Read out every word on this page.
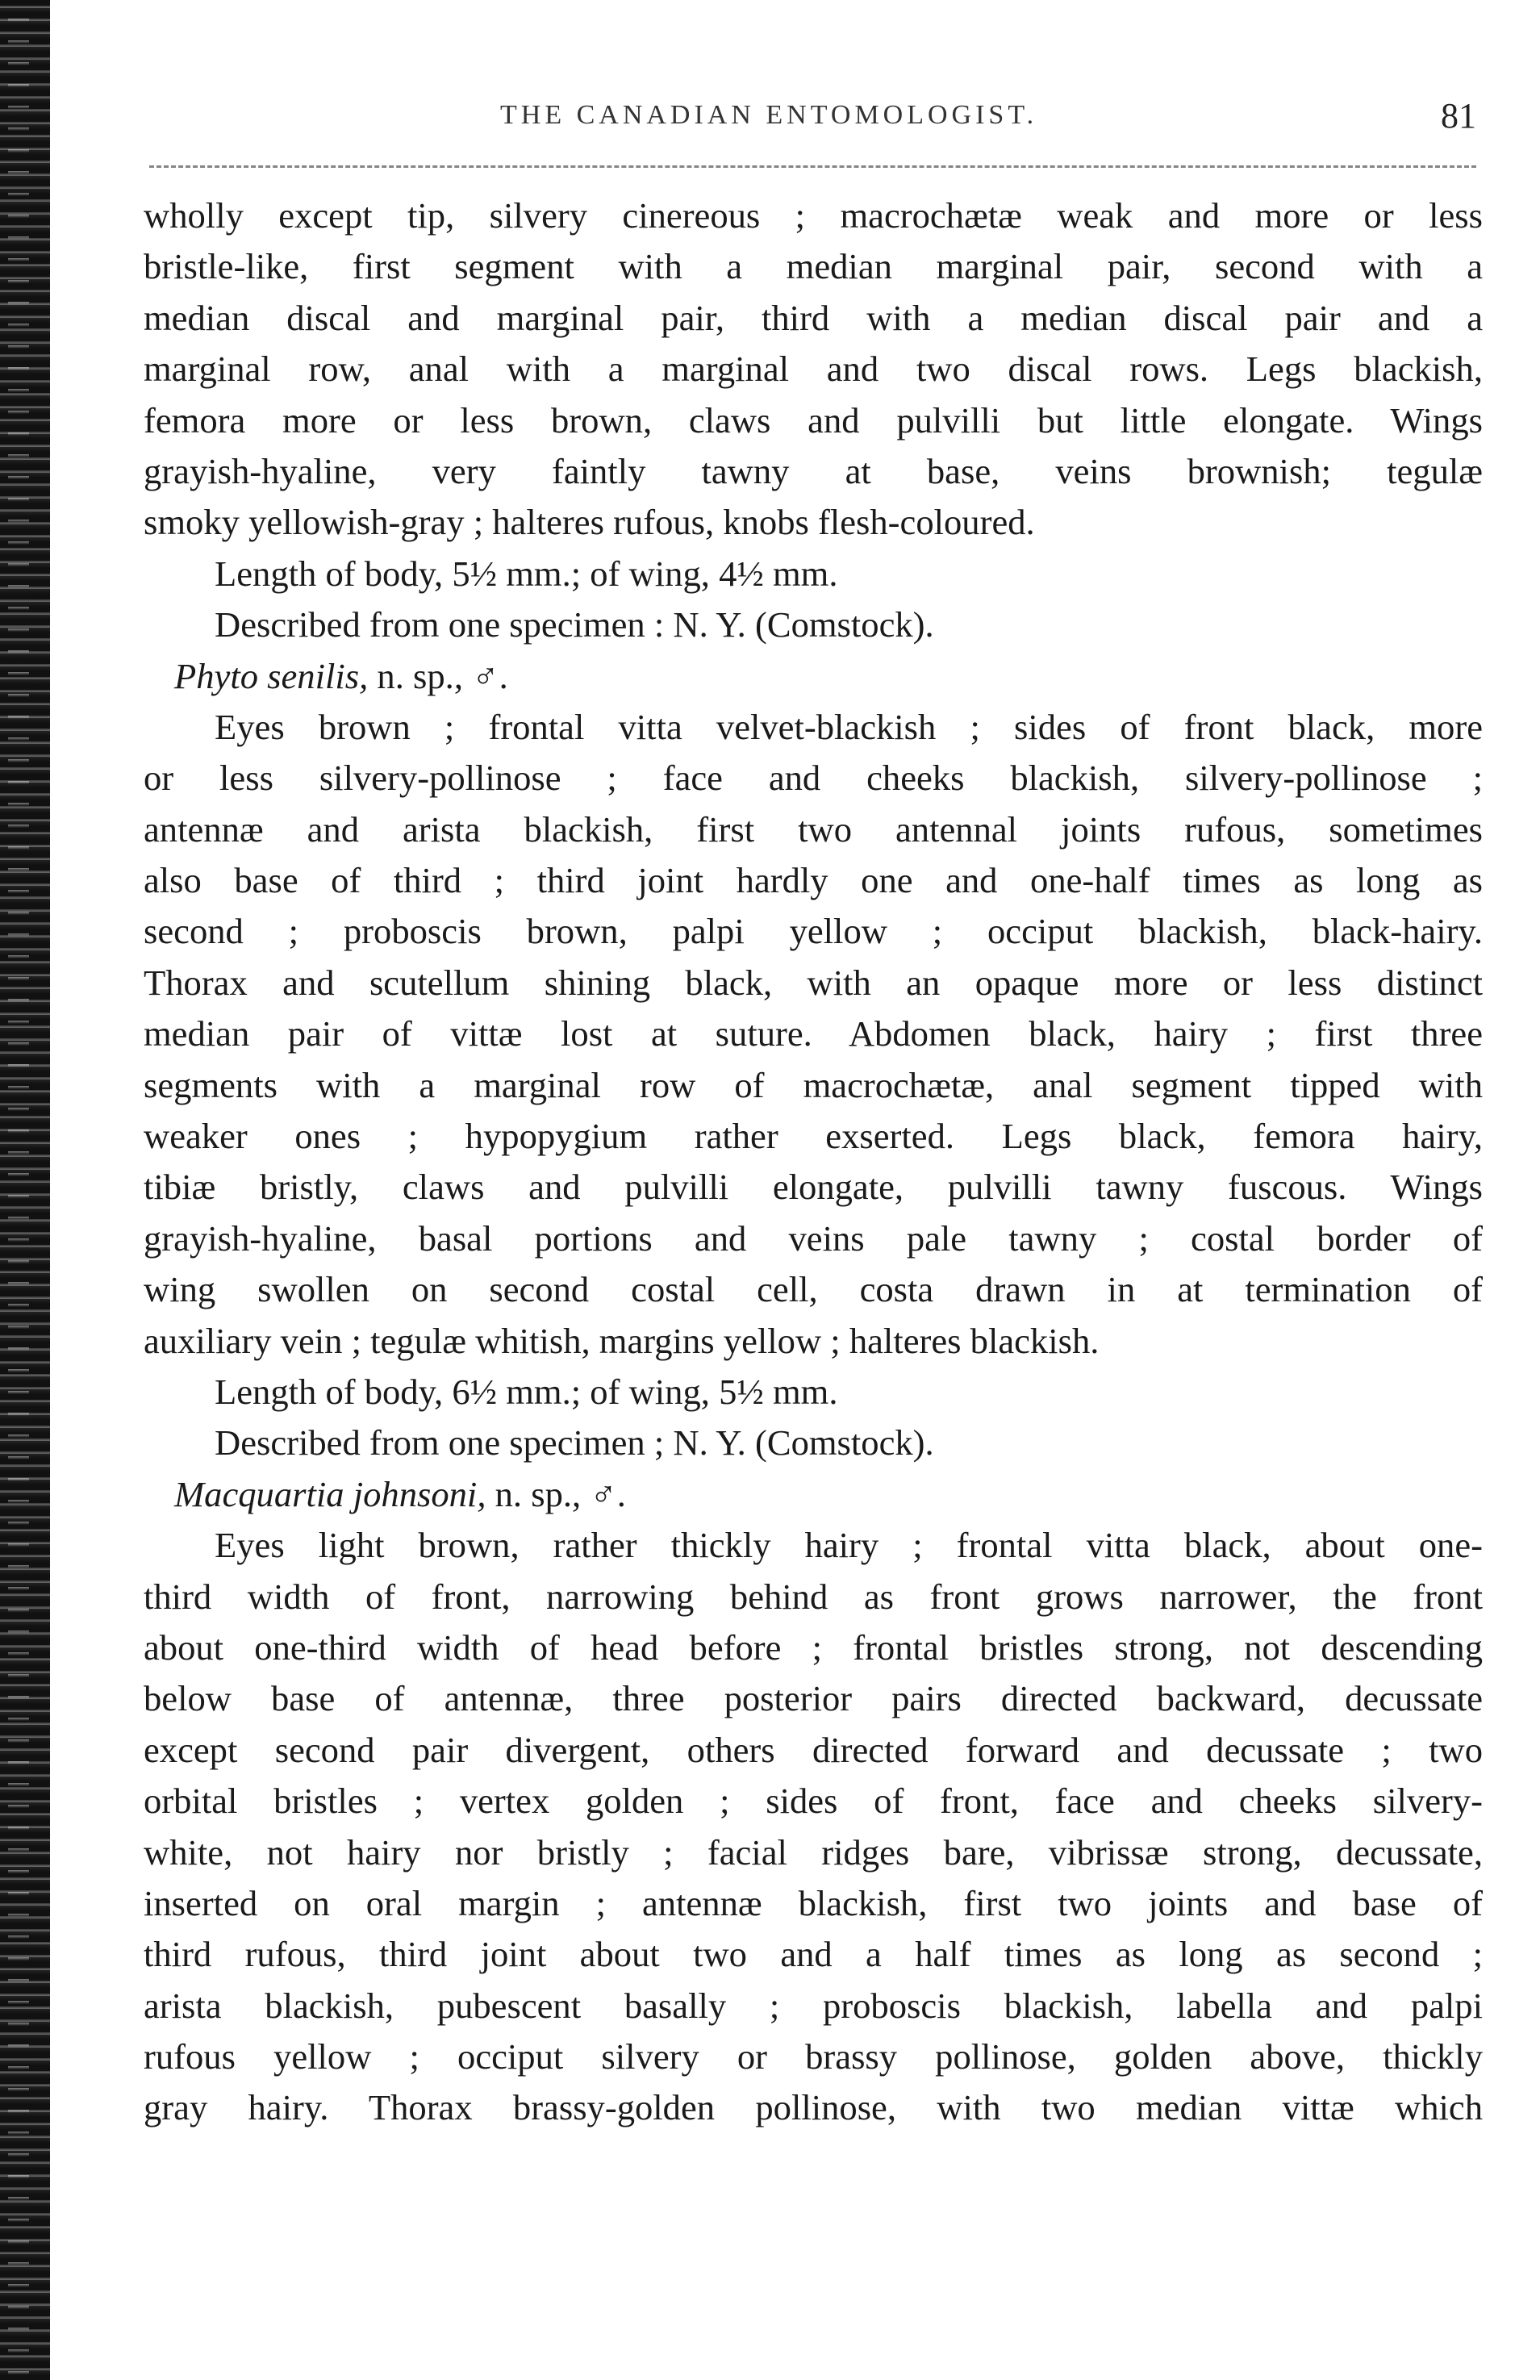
THE CANADIAN ENTOMOLOGIST.	81
wholly except tip, silvery cinereous ; macrochætæ weak and more or less
bristle-like, first segment with a median marginal pair, second with a
median discal and marginal pair, third with a median discal pair and a
marginal row, anal with a marginal and two discal rows. Legs blackish,
femora more or less brown, claws and pulvilli but little elongate. Wings
grayish-hyaline, very faintly tawny at base, veins brownish; tegulæ
smoky yellowish-gray ; halteres rufous, knobs flesh-coloured.
Length of body, 5½ mm.; of wing, 4½ mm.
Described from one specimen : N. Y. (Comstock).
Phyto senilis, n. sp., ♂.
Eyes brown ; frontal vitta velvet-blackish ; sides of front black, more
or less silvery-pollinose ; face and cheeks blackish, silvery-pollinose ;
antennæ and arista blackish, first two antennal joints rufous, sometimes
also base of third ; third joint hardly one and one-half times as long as
second ; proboscis brown, palpi yellow ; occiput blackish, black-hairy.
Thorax and scutellum shining black, with an opaque more or less distinct
median pair of vittæ lost at suture. Abdomen black, hairy ; first three
segments with a marginal row of macrochætæ, anal segment tipped with
weaker ones ; hypopygium rather exserted. Legs black, femora hairy,
tibiæ bristly, claws and pulvilli elongate, pulvilli tawny fuscous. Wings
grayish-hyaline, basal portions and veins pale tawny ; costal border of
wing swollen on second costal cell, costa drawn in at termination of
auxiliary vein ; tegulæ whitish, margins yellow ; halteres blackish.
Length of body, 6½ mm.; of wing, 5½ mm.
Described from one specimen ; N. Y. (Comstock).
Macquartia johnsoni, n. sp., ♂.
Eyes light brown, rather thickly hairy ; frontal vitta black, about one-
third width of front, narrowing behind as front grows narrower, the front
about one-third width of head before ; frontal bristles strong, not descending
below base of antennæ, three posterior pairs directed backward, decussate
except second pair divergent, others directed forward and decussate ; two
orbital bristles ; vertex golden ; sides of front, face and cheeks silvery-
white, not hairy nor bristly ; facial ridges bare, vibrissæ strong, decussate,
inserted on oral margin ; antennæ blackish, first two joints and base of
third rufous, third joint about two and a half times as long as second ;
arista blackish, pubescent basally ; proboscis blackish, labella and palpi
rufous yellow ; occiput silvery or brassy pollinose, golden above, thickly
gray hairy. Thorax brassy-golden pollinose, with two median vittæ which
